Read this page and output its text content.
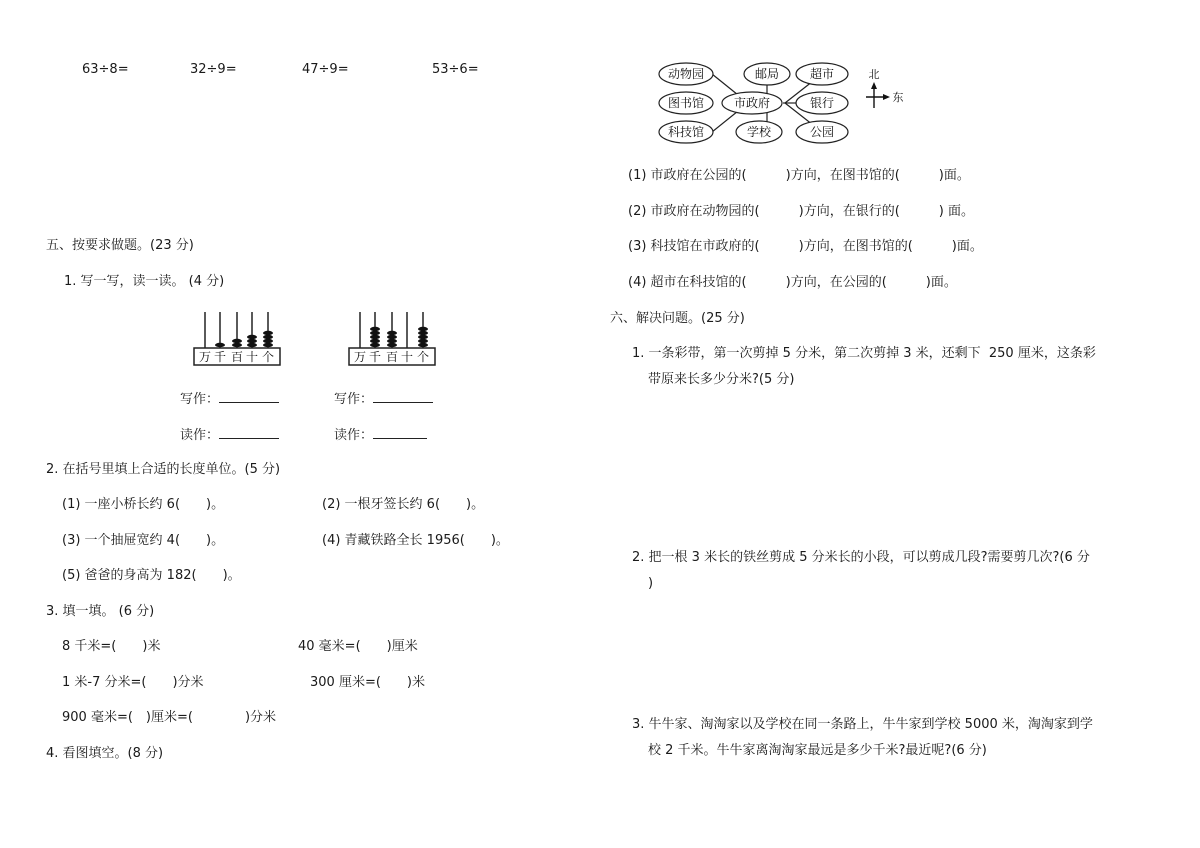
63÷8=	32÷9=	47÷9=	53÷6=
五、按要求做题。(23 分)
1. 写一写，读一读。 (4 分)
万 千 百 十 个	万 千 百 十 个
写作：	写作：
读作：	读作：
2. 在括号里填上合适的长度单位。(5 分)
(1) 一座小桥长约 6(　　)。	(2) 一根牙签长约 6(　　)。
(3) 一个抽屉宽约 4(　　)。	(4) 青藏铁路全长 1956(　　)。
(5) 爸爸的身高为 182(　　)。
3. 填一填。 (6 分)
8 千米=(　　)米	40 毫米=(　　)厘米
1 米-7 分米=(　　)分米	300 厘米=(　　)米
900 毫米=(　)厘米=(　　　　)分米
4. 看图填空。(8 分)
动物园	邮局	超市
图书馆 市政府	银行
科技馆	学校	公园
北
东
(1) 市政府在公园的(　　　)方向，在图书馆的(　　　)面。
(2) 市政府在动物园的(　　　)方向，在银行的(　　　) 面。
(3) 科技馆在市政府的(　　　)方向，在图书馆的(　　　)面。
(4) 超市在科技馆的(　　　)方向，在公园的(　　　)面。
六、解决问题。(25 分)
1. 一条彩带，第一次剪掉 5 分米，第二次剪掉 3 米，还剩下  250 厘米，这条彩
带原来长多少分米?(5 分)
2. 把一根 3 米长的铁丝剪成 5 分米长的小段，可以剪成几段?需要剪几次?(6 分
)
3. 牛牛家、淘淘家以及学校在同一条路上，牛牛家到学校 5000 米，淘淘家到学
校 2 千米。牛牛家离淘淘家最远是多少千米?最近呢?(6 分)
